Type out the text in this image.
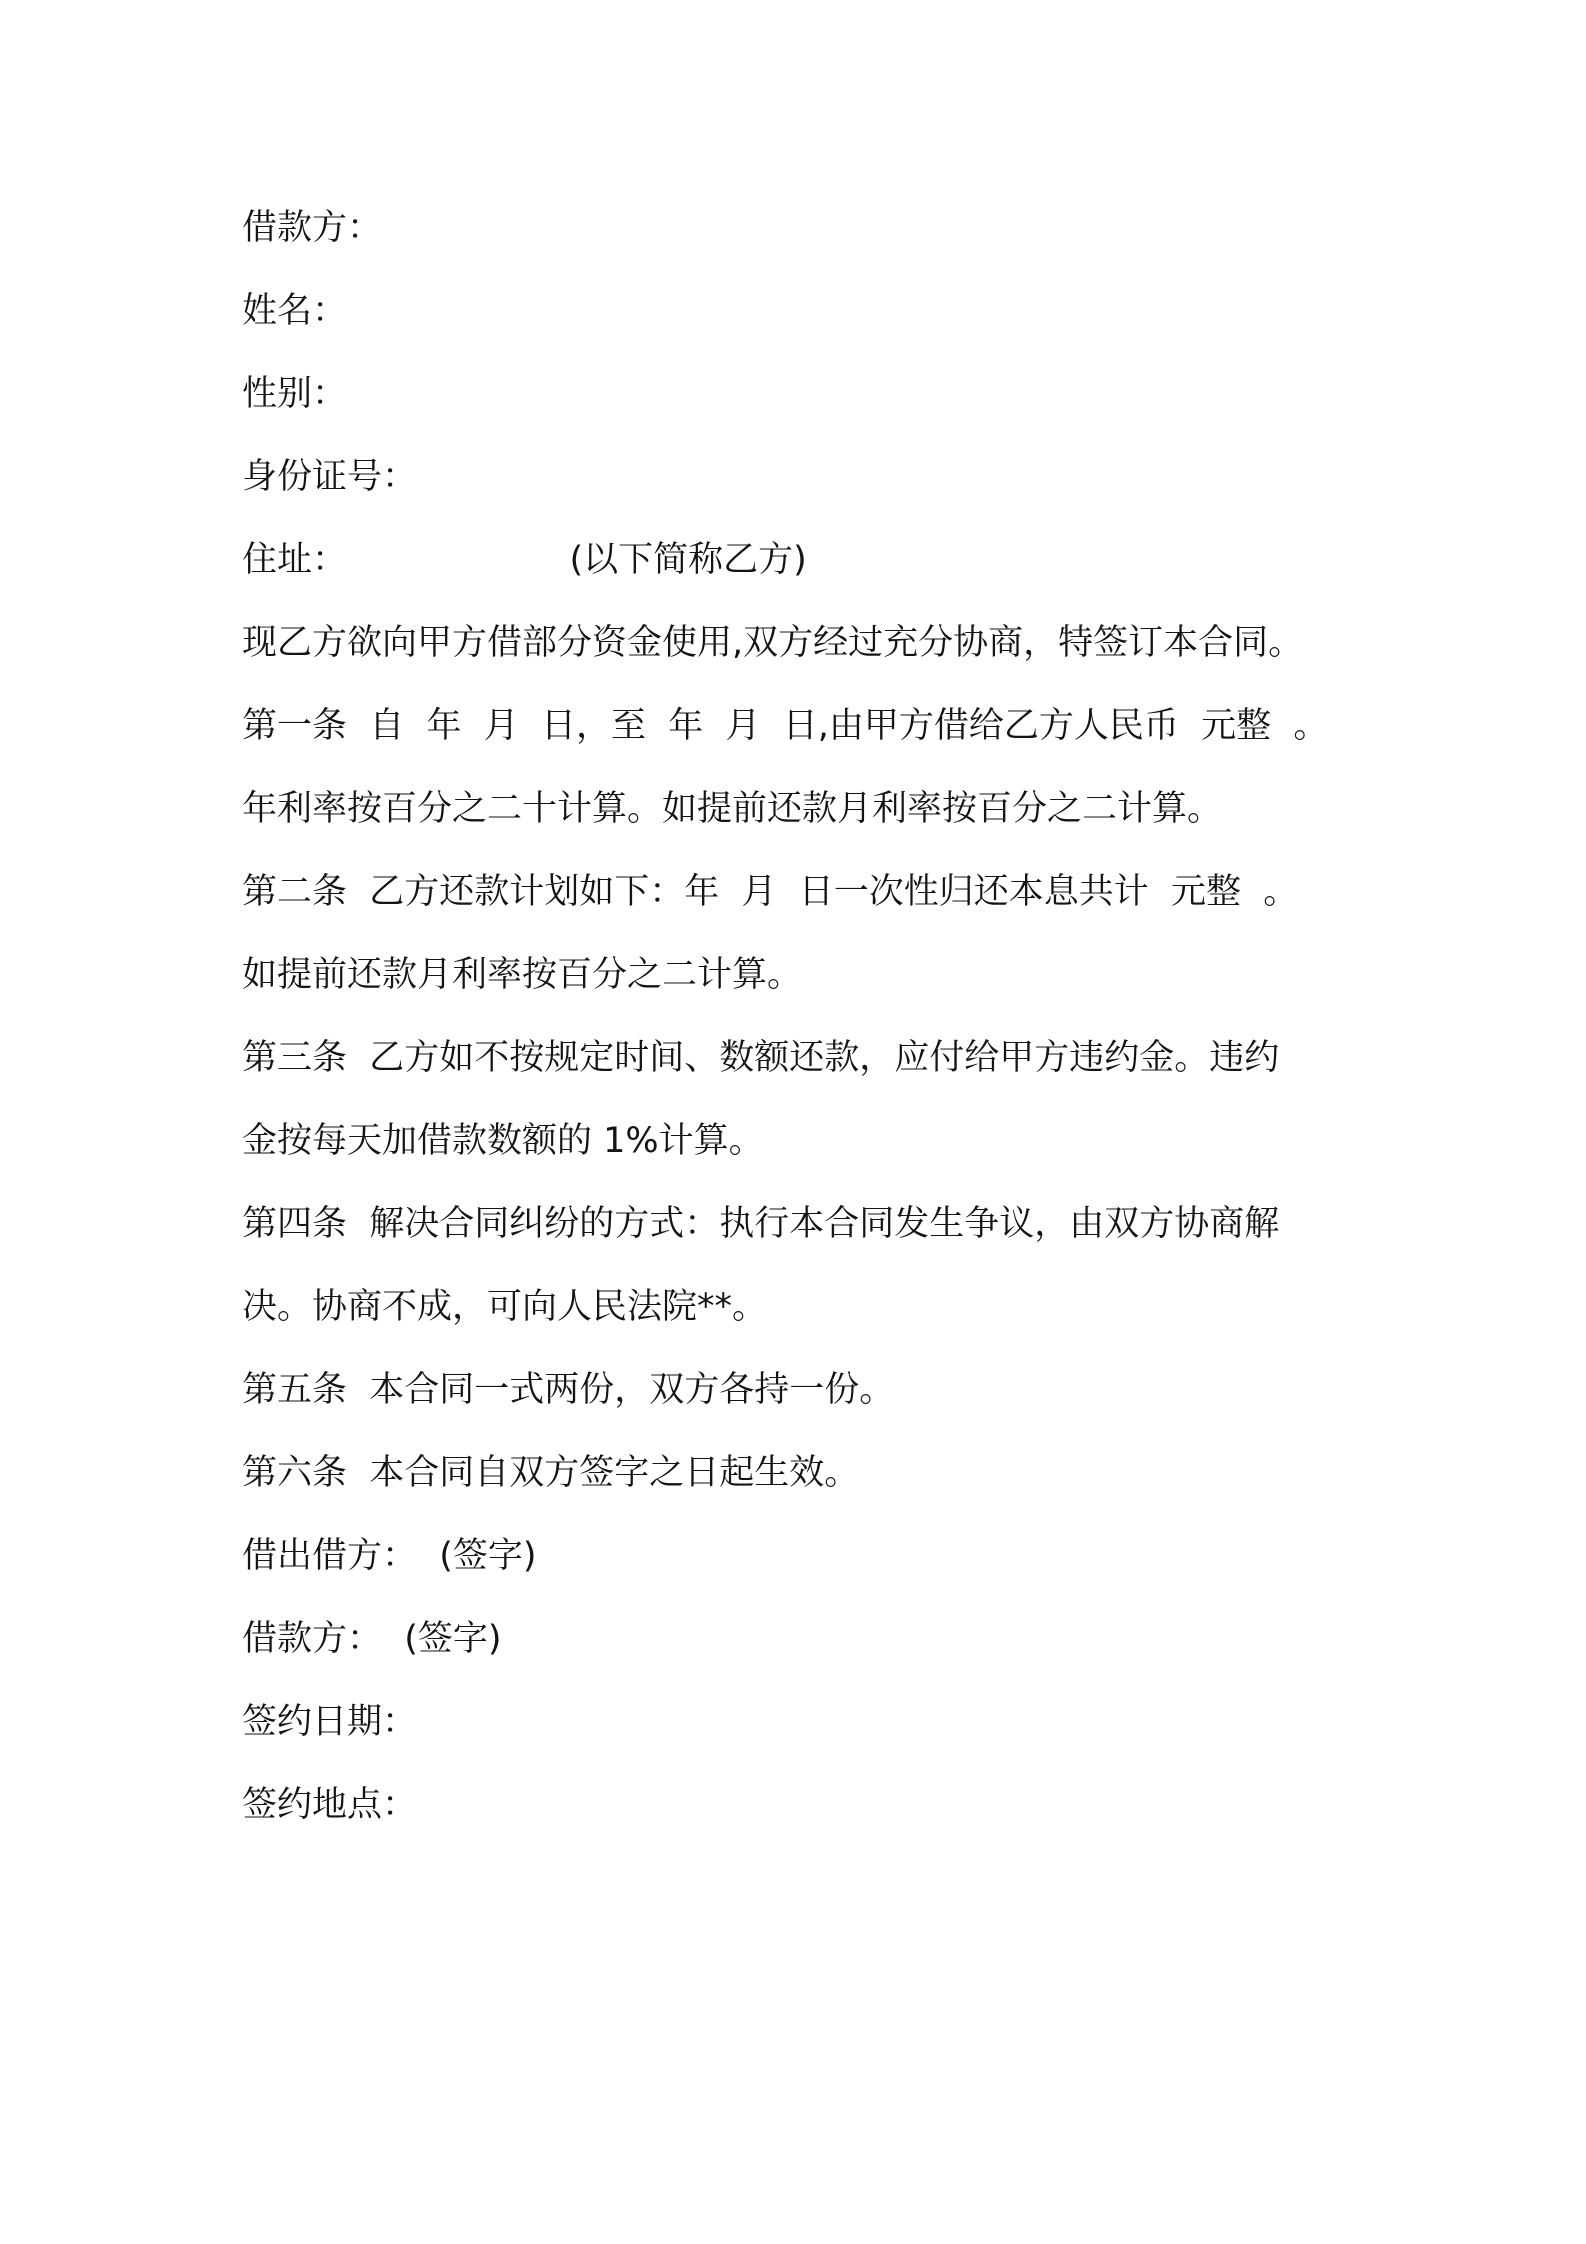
借款方：

姓名：

性别：

身份证号：

住址：                    (以下简称乙方)

现乙方欲向甲方借部分资金使用,双方经过充分协商，特签订本合同。

第一条  自  年  月  日，至  年  月  日,由甲方借给乙方人民币  元整  。

年利率按百分之二十计算。如提前还款月利率按百分之二计算。

第二条  乙方还款计划如下：年  月  日一次性归还本息共计  元整  。

如提前还款月利率按百分之二计算。

第三条  乙方如不按规定时间、数额还款，应付给甲方违约金。违约

金按每天加借款数额的 1%计算。

第四条  解决合同纠纷的方式：执行本合同发生争议，由双方协商解

决。协商不成，可向人民法院**。

第五条  本合同一式两份，双方各持一份。

第六条  本合同自双方签字之日起生效。

借出借方：  (签字)

借款方：  (签字)

签约日期：

签约地点：
